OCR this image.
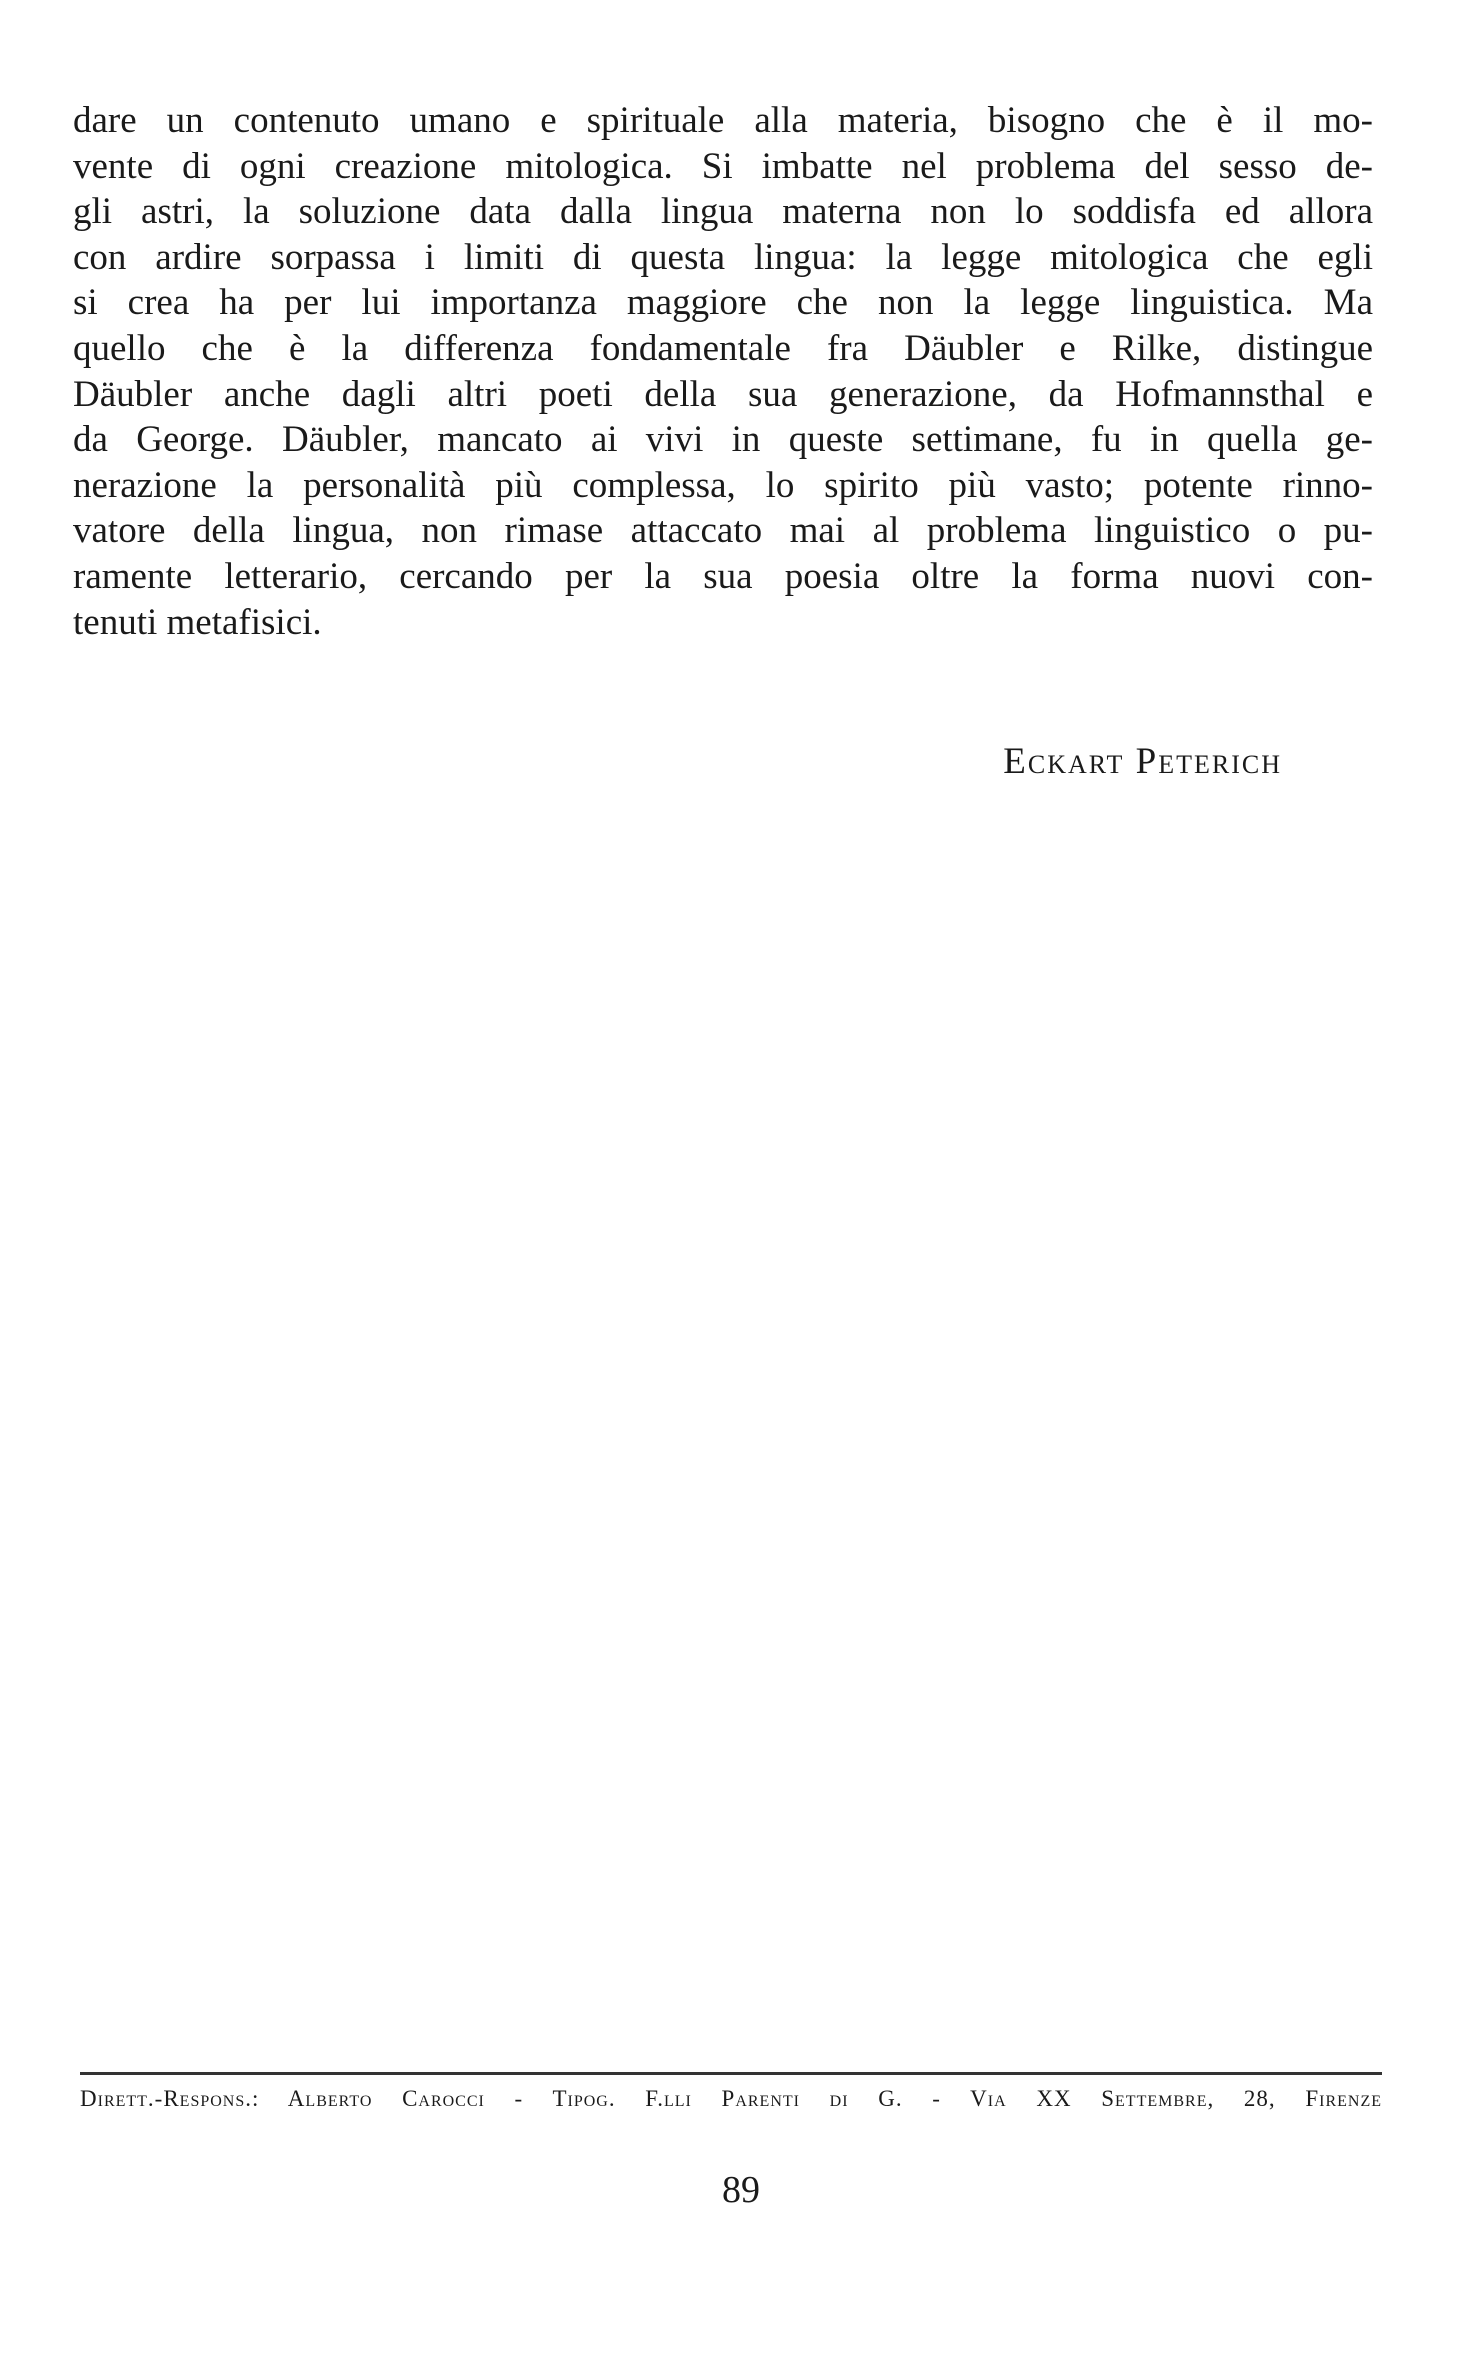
dare un contenuto umano e spirituale alla materia, bisogno che è il mo-
vente di ogni creazione mitologica. Si imbatte nel problema del sesso de-
gli astri, la soluzione data dalla lingua materna non lo soddisfa ed allora
con ardire sorpassa i limiti di questa lingua: la legge mitologica che egli
si crea ha per lui importanza maggiore che non la legge linguistica. Ma
quello che è la differenza fondamentale fra Däubler e Rilke, distingue
Däubler anche dagli altri poeti della sua generazione, da Hofmannsthal e
da George. Däubler, mancato ai vivi in queste settimane, fu in quella ge-
nerazione la personalità più complessa, lo spirito più vasto; potente rinno-
vatore della lingua, non rimase attaccato mai al problema linguistico o pu-
ramente letterario, cercando per la sua poesia oltre la forma nuovi con-
tenuti metafisici.
Eckart Peterich
Dirett.-Respons.: Alberto Carocci - Tipog. F.lli Parenti di G. - Via XX Settembre, 28, Firenze
89
